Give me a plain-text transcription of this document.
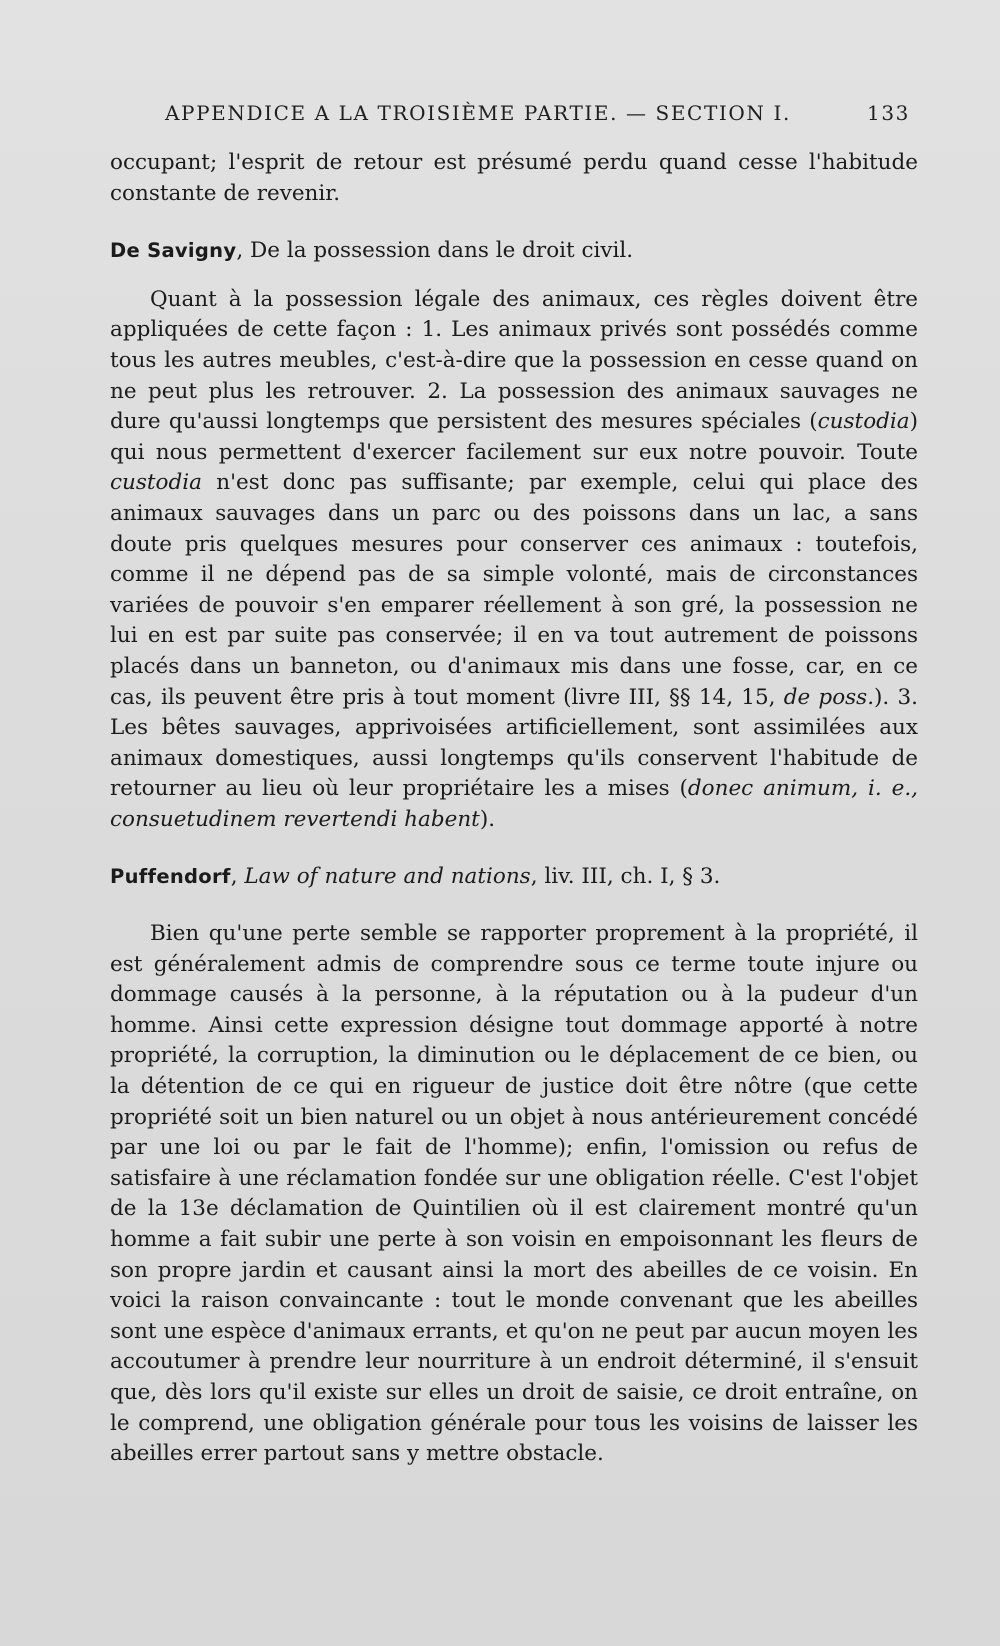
APPENDICE A LA TROISIÈME PARTIE. — SECTION I.	133

occupant; l'esprit de retour est présumé perdu quand cesse l'habitude constante de revenir.

De Savigny, De la possession dans le droit civil.

Quant à la possession légale des animaux, ces règles doivent être appliquées de cette façon : 1. Les animaux privés sont possédés comme tous les autres meubles, c'est-à-dire que la possession en cesse quand on ne peut plus les retrouver. 2. La possession des animaux sauvages ne dure qu'aussi longtemps que persistent des mesures spéciales (custodia) qui nous permettent d'exercer facilement sur eux notre pouvoir. Toute custodia n'est donc pas suffisante; par exemple, celui qui place des animaux sauvages dans un parc ou des poissons dans un lac, a sans doute pris quelques mesures pour conserver ces animaux : toutefois, comme il ne dépend pas de sa simple volonté, mais de circonstances variées de pouvoir s'en emparer réellement à son gré, la possession ne lui en est par suite pas conservée; il en va tout autrement de poissons placés dans un banneton, ou d'animaux mis dans une fosse, car, en ce cas, ils peuvent être pris à tout moment (livre III, §§ 14, 15, de poss.). 3. Les bêtes sauvages, apprivoisées artificiellement, sont assimilées aux animaux domestiques, aussi longtemps qu'ils conservent l'habitude de retourner au lieu où leur propriétaire les a mises (donec animum, i. e., consuetudinem revertendi habent).

Puffendorf, Law of nature and nations, liv. III, ch. I, § 3.

Bien qu'une perte semble se rapporter proprement à la propriété, il est généralement admis de comprendre sous ce terme toute injure ou dommage causés à la personne, à la réputation ou à la pudeur d'un homme. Ainsi cette expression désigne tout dommage apporté à notre propriété, la corruption, la diminution ou le déplacement de ce bien, ou la détention de ce qui en rigueur de justice doit être nôtre (que cette propriété soit un bien naturel ou un objet à nous antérieurement concédé par une loi ou par le fait de l'homme); enfin, l'omission ou refus de satisfaire à une réclamation fondée sur une obligation réelle. C'est l'objet de la 13e déclamation de Quintilien où il est clairement montré qu'un homme a fait subir une perte à son voisin en empoisonnant les fleurs de son propre jardin et causant ainsi la mort des abeilles de ce voisin. En voici la raison convaincante : tout le monde convenant que les abeilles sont une espèce d'animaux errants, et qu'on ne peut par aucun moyen les accoutumer à prendre leur nourriture à un endroit déterminé, il s'ensuit que, dès lors qu'il existe sur elles un droit de saisie, ce droit entraîne, on le comprend, une obligation générale pour tous les voisins de laisser les abeilles errer partout sans y mettre obstacle.
